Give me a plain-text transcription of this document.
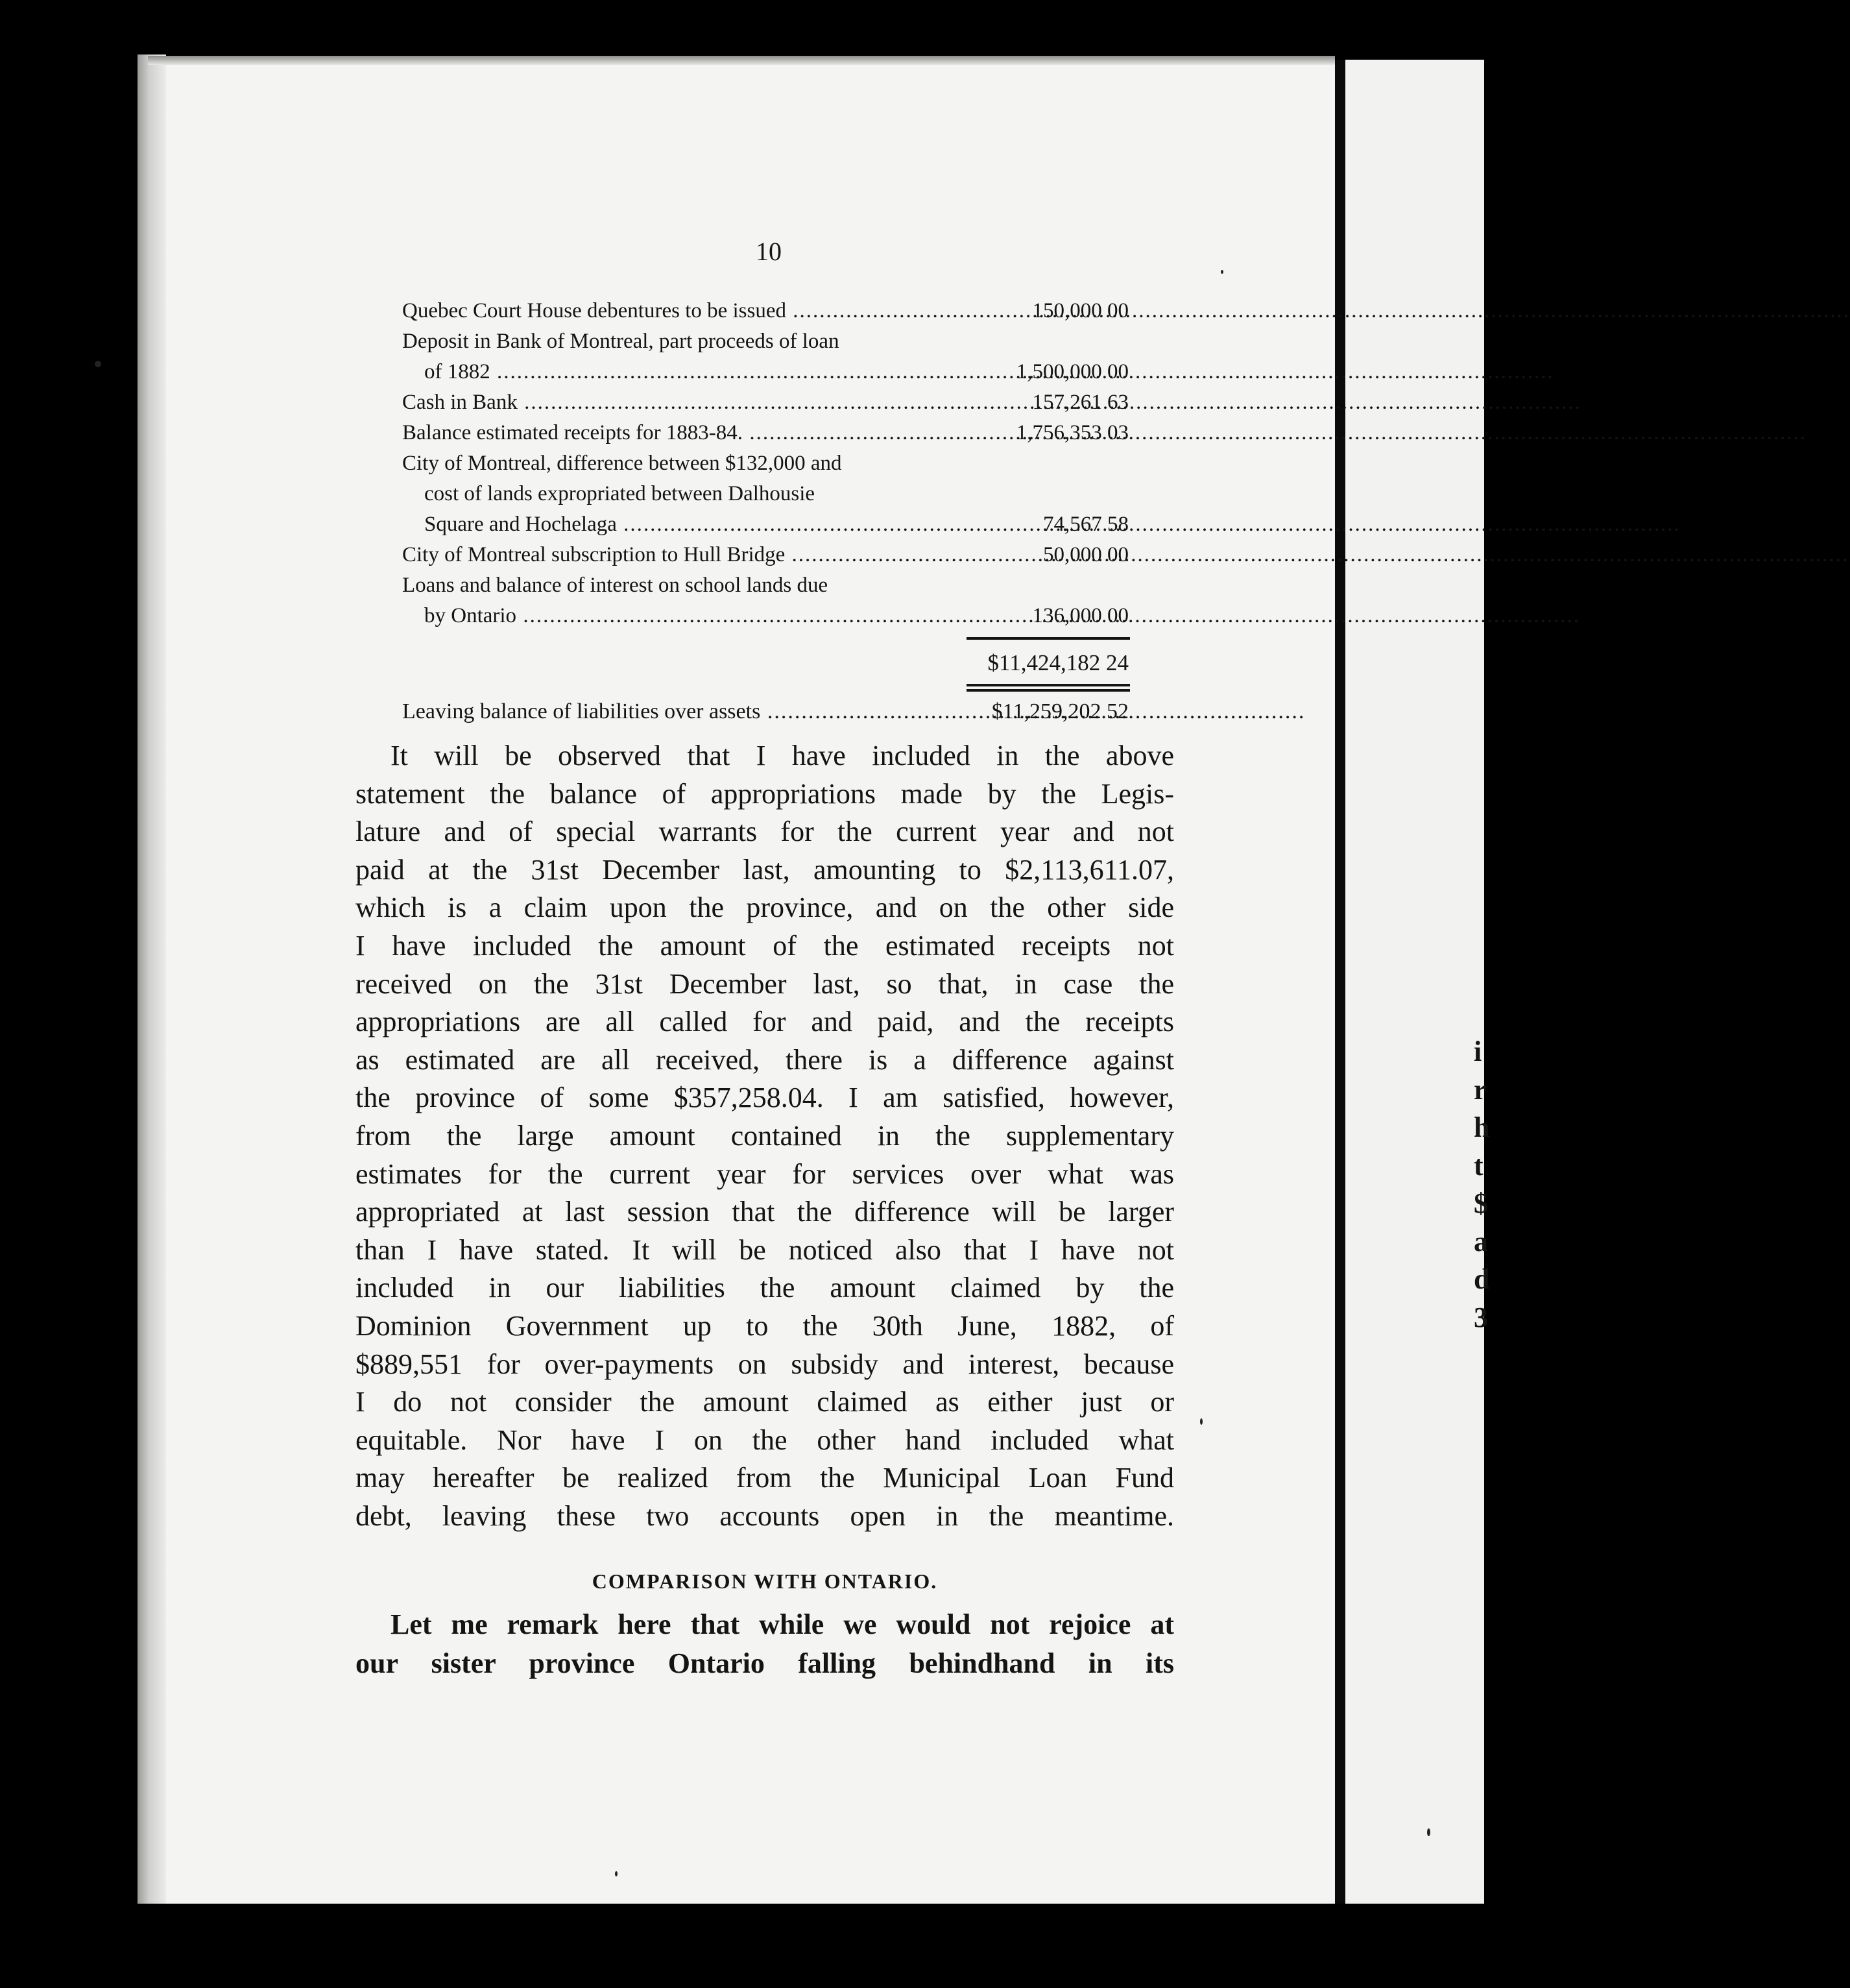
i
r
h
t
$
a
d
3
10
Quebec Court House debentures to be issued .....	150,000 00
Deposit in Bank of Montreal, part proceeds of loan
of 1882 .....	1,500,000 00
Cash in Bank .....	157,261 63
Balance estimated receipts for 1883-84. .....	1,756,353 03
City of Montreal, difference between $132,000 and
cost of lands expropriated between Dalhousie
Square and Hochelaga .....	74,567 58
City of Montreal subscription to Hull Bridge .....	50,000 00
Loans and balance of interest on school lands due
by Ontario .....	136,000 00
$11,424,182 24
Leaving balance of liabilities over assets .....	$11,259,202 52
It will be observed that I have included in the above
statement the balance of appropriations made by the Legis-
lature and of special warrants for the current year and not
paid at the 31st December last, amounting to $2,113,611.07,
which is a claim upon the province, and on the other side
I have included the amount of the estimated receipts not
received on the 31st December last, so that, in case the
appropriations are all called for and paid, and the receipts
as estimated are all received, there is a difference against
the province of some $357,258.04. I am satisfied, however,
from the large amount contained in the supplementary
estimates for the current year for services over what was
appropriated at last session that the difference will be larger
than I have stated. It will be noticed also that I have not
included in our liabilities the amount claimed by the
Dominion Government up to the 30th June, 1882, of
$889,551 for over-payments on subsidy and interest, because
I do not consider the amount claimed as either just or
equitable. Nor have I on the other hand included what
may hereafter be realized from the Municipal Loan Fund
debt, leaving these two accounts open in the meantime.
COMPARISON WITH ONTARIO.
Let me remark here that while we would not rejoice at
our sister province Ontario falling behindhand in its
